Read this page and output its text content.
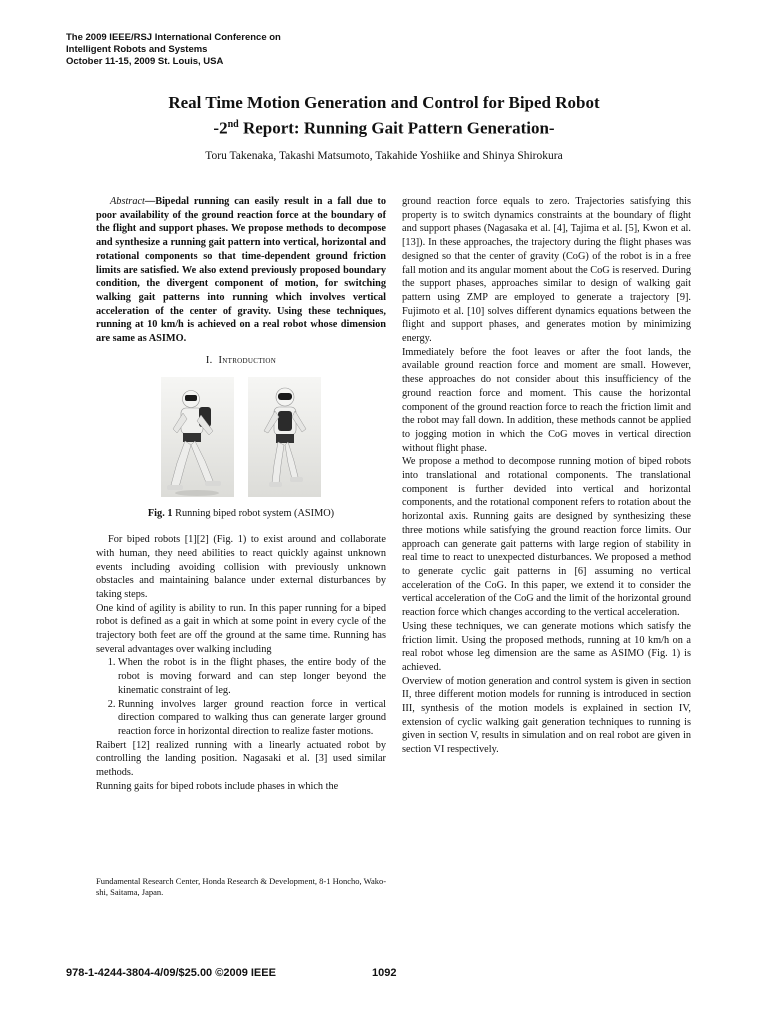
The 2009 IEEE/RSJ International Conference on
Intelligent Robots and Systems
October 11-15, 2009 St. Louis, USA
Real Time Motion Generation and Control for Biped Robot
-2nd Report: Running Gait Pattern Generation-
Toru Takenaka, Takashi Matsumoto, Takahide Yoshiike and Shinya Shirokura

Abstract—Bipedal running can easily result in a fall due to poor availability of the ground reaction force at the boundary of the flight and support phases. We propose methods to decompose and synthesize a running gait pattern into vertical, horizontal and rotational components so that time-dependent ground friction limits are satisfied. We also extend previously proposed boundary condition, the divergent component of motion, for switching walking gait patterns into running which involves vertical acceleration of the center of gravity. Using these techniques, running at 10 km/h is achieved on a real robot whose dimension are same as ASIMO.

I. Introduction

Fig. 1 Running biped robot system (ASIMO)

For biped robots [1][2] (Fig. 1) to exist around and collaborate with human, they need abilities to react quickly against unknown events including avoiding collision with previously unknown obstacles and maintaining balance under external disturbances by taking steps.

One kind of agility is ability to run. In this paper running for a biped robot is defined as a gait in which at some point in every cycle of the trajectory both feet are off the ground at the same time. Running has several advantages over walking including

1. When the robot is in the flight phases, the entire body of the robot is moving forward and can step longer beyond the kinematic constraint of leg.
2. Running involves larger ground reaction force in vertical direction compared to walking thus can generate larger ground reaction force in horizontal direction to realize faster motions.

Raibert [12] realized running with a linearly actuated robot by controlling the landing position. Nagasaki et al. [3] used similar methods.

Running gaits for biped robots include phases in which the

Fundamental Research Center, Honda Research & Development, 8-1 Honcho, Wako-shi, Saitama, Japan.

ground reaction force equals to zero. Trajectories satisfying this property is to switch dynamics constraints at the boundary of flight and support phases (Nagasaka et al. [4], Tajima et al. [5], Kwon et al. [13]). In these approaches, the trajectory during the flight phases was designed so that the center of gravity (CoG) of the robot is in a free fall motion and its angular moment about the CoG is reserved. During the support phases, approaches similar to design of walking gait pattern using ZMP are employed to generate a trajectory [9]. Fujimoto et al. [10] solves different dynamics equations between the flight and support phases, and generates motion by minimizing energy.

Immediately before the foot leaves or after the foot lands, the available ground reaction force and moment are small. However, these approaches do not consider about this insufficiency of the ground reaction force and moment. This cause the horizontal component of the ground reaction force to reach the friction limit and the robot may fall down. In addition, these methods cannot be applied to jogging motion in which the CoG moves in vertical direction without flight phase.

We propose a method to decompose running motion of biped robots into translational and rotational components. The translational component is further devided into vertical and horizontal components, and the rotational component refers to rotation about the horizontal axis. Running gaits are designed by synthesizing these three motions while satisfying the ground reaction force limits. Our approach can generate gait patterns with large region of stability in real time to react to unexpected disturbances. We proposed a method to generate cyclic gait patterns in [6] assuming no vertical acceleration of the CoG. In this paper, we extend it to consider the vertical acceleration of the CoG and the limit of the horizontal ground reaction force which changes according to the vertical acceleration.

Using these techniques, we can generate motions which satisfy the friction limit. Using the proposed methods, running at 10 km/h on a real robot whose leg dimension are the same as ASIMO (Fig. 1) is achieved.

Overview of motion generation and control system is given in section II, three different motion models for running is introduced in section III, synthesis of the motion models is explained in section IV, extension of cyclic walking gait generation techniques to running is given in section V, results in simulation and on real robot are given in section VI respectively.

978-1-4244-3804-4/09/$25.00 ©2009 IEEE	1092
